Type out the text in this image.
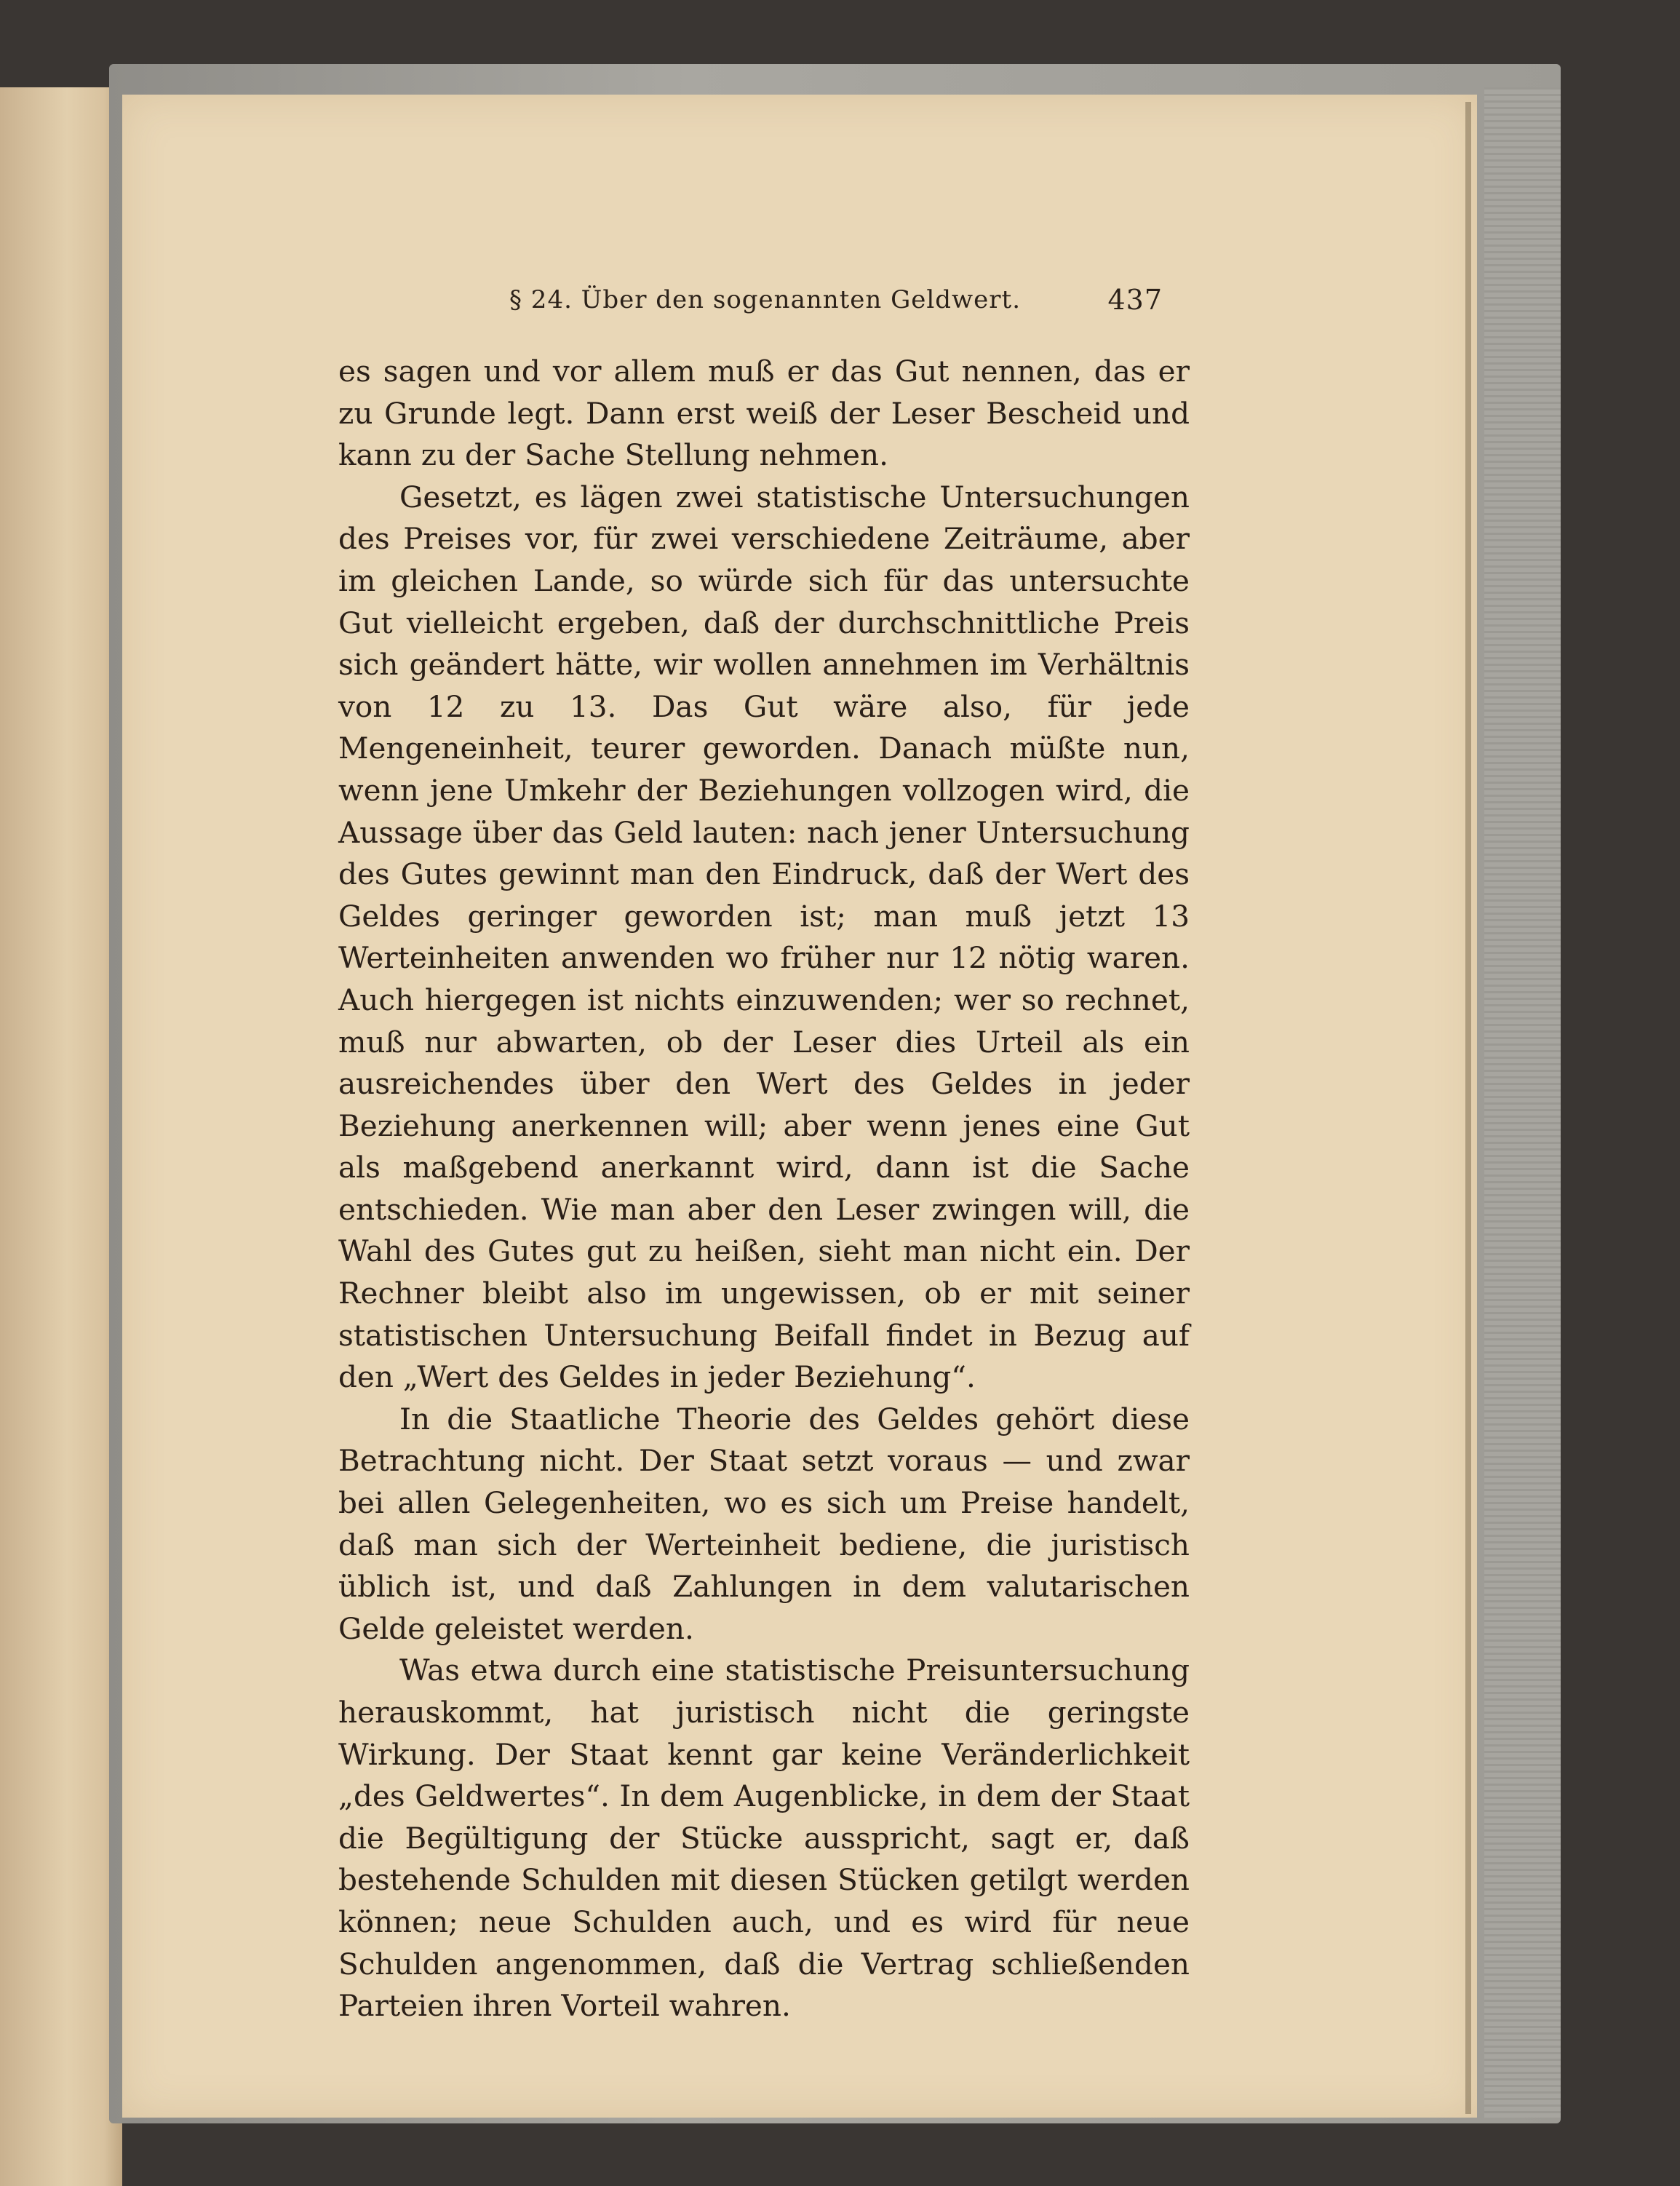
§ 24. Über den sogenannten Geldwert.	437

es sagen und vor allem muß er das Gut nennen, das er zu Grunde legt. Dann erst weiß der Leser Bescheid und kann zu der Sache Stellung nehmen.

Gesetzt, es lägen zwei statistische Untersuchungen des Preises vor, für zwei verschiedene Zeiträume, aber im gleichen Lande, so würde sich für das untersuchte Gut vielleicht ergeben, daß der durchschnittliche Preis sich geändert hätte, wir wollen annehmen im Verhältnis von 12 zu 13. Das Gut wäre also, für jede Mengeneinheit, teurer geworden. Danach müßte nun, wenn jene Umkehr der Beziehungen vollzogen wird, die Aussage über das Geld lauten: nach jener Untersuchung des Gutes gewinnt man den Eindruck, daß der Wert des Geldes geringer geworden ist; man muß jetzt 13 Werteinheiten anwenden wo früher nur 12 nötig waren. Auch hiergegen ist nichts einzuwenden; wer so rechnet, muß nur abwarten, ob der Leser dies Urteil als ein ausreichendes über den Wert des Geldes in jeder Beziehung anerkennen will; aber wenn jenes eine Gut als maßgebend anerkannt wird, dann ist die Sache entschieden. Wie man aber den Leser zwingen will, die Wahl des Gutes gut zu heißen, sieht man nicht ein. Der Rechner bleibt also im ungewissen, ob er mit seiner statistischen Untersuchung Beifall findet in Bezug auf den „Wert des Geldes in jeder Beziehung“.

In die Staatliche Theorie des Geldes gehört diese Betrachtung nicht. Der Staat setzt voraus — und zwar bei allen Gelegenheiten, wo es sich um Preise handelt, daß man sich der Werteinheit bediene, die juristisch üblich ist, und daß Zahlungen in dem valutarischen Gelde geleistet werden.

Was etwa durch eine statistische Preisuntersuchung herauskommt, hat juristisch nicht die geringste Wirkung. Der Staat kennt gar keine Veränderlichkeit „des Geldwertes“. In dem Augenblicke, in dem der Staat die Begültigung der Stücke ausspricht, sagt er, daß bestehende Schulden mit diesen Stücken getilgt werden können; neue Schulden auch, und es wird für neue Schulden angenommen, daß die Vertrag schließenden Parteien ihren Vorteil wahren.
